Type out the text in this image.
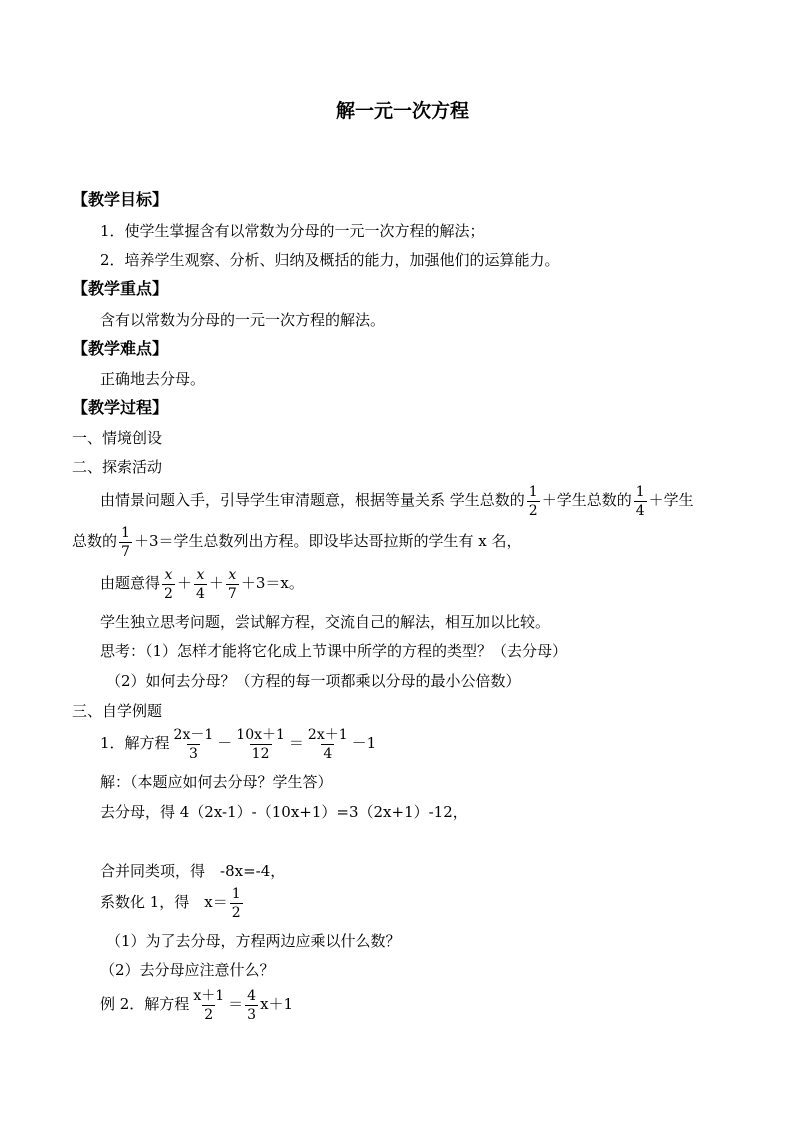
解一元一次方程
【教学目标】
1．使学生掌握含有以常数为分母的一元一次方程的解法；
2．培养学生观察、分析、归纳及概括的能力，加强他们的运算能力。
【教学重点】
含有以常数为分母的一元一次方程的解法。
【教学难点】
正确地去分母。
【教学过程】
一、情境创设
二、探索活动
由情景问题入手，引导学生审清题意，根据等量关系 学生总数的 $\frac{1}{2}$ ＋学生总数的 $\frac{1}{4}$ ＋学生
总数的 $\frac{1}{7} +3=$学生总数列出方程。即设毕达哥拉斯的学生有 x 名，
由题意得 $\frac{x}{2} + \frac{x}{4} + \frac{x}{7} +3=x$。
学生独立思考问题，尝试解方程，交流自己的解法，相互加以比较。
思考：（1）怎样才能将它化成上节课中所学的方程的类型？（去分母）
（2）如何去分母？（方程的每一项都乘以分母的最小公倍数）
三、自学例题
1．解方程 $\frac{2x-1}{3} - \frac{10x+1}{12} = \frac{2x+1}{4} -1$
解：（本题应如何去分母？学生答）
去分母，得 4（2x-1）-（10x+1）=3（2x+1）-12，
合并同类项，得　-8x=-4，
系数化 1，得　$x= \frac{1}{2}$
（1）为了去分母，方程两边应乘以什么数？
（2）去分母应注意什么？
例 2．解方程 $\frac{x+1}{2} = \frac{4}{3} x+1$
